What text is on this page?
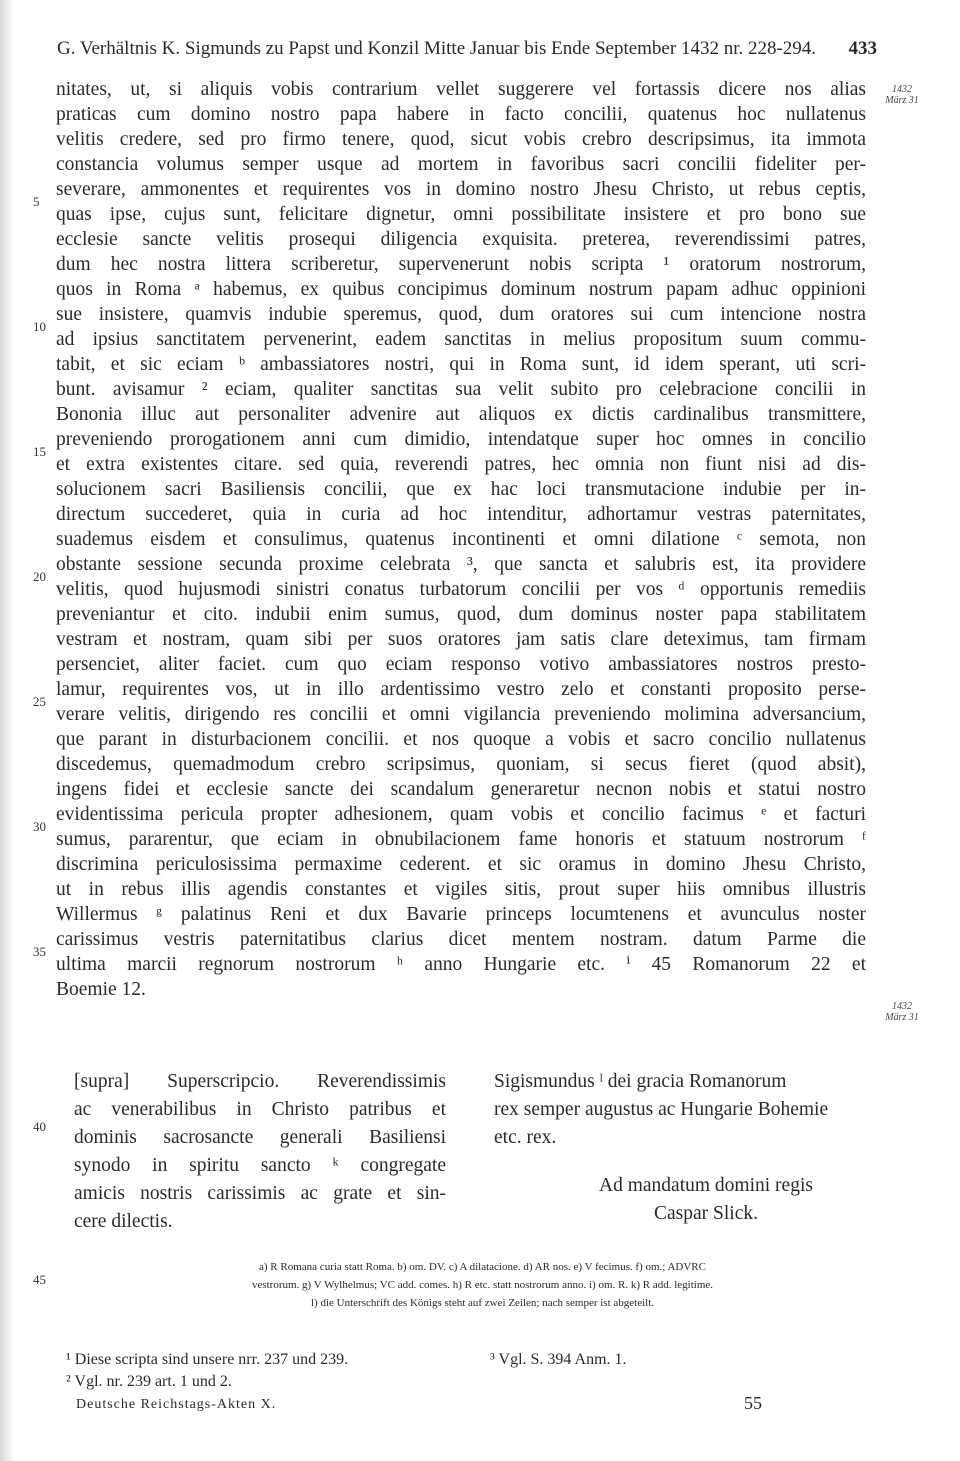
G. Verhältnis K. Sigmunds zu Papst und Konzil Mitte Januar bis Ende September 1432 nr. 228-294. 433
1432
März 31
1432
März 31
5
10
15
20
25
30
35
40
45
nitates, ut, si aliquis vobis contrarium vellet suggerere vel fortassis dicere nos alias
praticas cum domino nostro papa habere in facto concilii, quatenus hoc nullatenus
velitis credere, sed pro firmo tenere, quod, sicut vobis crebro descripsimus, ita immota
constancia volumus semper usque ad mortem in favoribus sacri concilii fideliter per-
severare, ammonentes et requirentes vos in domino nostro Jhesu Christo, ut rebus ceptis,
quas ipse, cujus sunt, felicitare dignetur, omni possibilitate insistere et pro bono sue
ecclesie sancte velitis prosequi diligencia exquisita. preterea, reverendissimi patres,
dum hec nostra littera scriberetur, supervenerunt nobis scripta ¹ oratorum nostrorum,
quos in Roma ᵃ habemus, ex quibus concipimus dominum nostrum papam adhuc oppinioni
sue insistere, quamvis indubie speremus, quod, dum oratores sui cum intencione nostra
ad ipsius sanctitatem pervenerint, eadem sanctitas in melius propositum suum commu-
tabit, et sic eciam ᵇ ambassiatores nostri, qui in Roma sunt, id idem sperant, uti scri-
bunt. avisamur ² eciam, qualiter sanctitas sua velit subito pro celebracione concilii in
Bononia illuc aut personaliter advenire aut aliquos ex dictis cardinalibus transmittere,
preveniendo prorogationem anni cum dimidio, intendatque super hoc omnes in concilio
et extra existentes citare. sed quia, reverendi patres, hec omnia non fiunt nisi ad dis-
solucionem sacri Basiliensis concilii, que ex hac loci transmutacione indubie per in-
directum succederet, quia in curia ad hoc intenditur, adhortamur vestras paternitates,
suademus eisdem et consulimus, quatenus incontinenti et omni dilatione ᶜ semota, non
obstante sessione secunda proxime celebrata ³, que sancta et salubris est, ita providere
velitis, quod hujusmodi sinistri conatus turbatorum concilii per vos ᵈ opportunis remediis
preveniantur et cito. indubii enim sumus, quod, dum dominus noster papa stabilitatem
vestram et nostram, quam sibi per suos oratores jam satis clare deteximus, tam firmam
persenciet, aliter faciet. cum quo eciam responso votivo ambassiatores nostros presto-
lamur, requirentes vos, ut in illo ardentissimo vestro zelo et constanti proposito perse-
verare velitis, dirigendo res concilii et omni vigilancia preveniendo molimina adversancium,
que parant in disturbacionem concilii. et nos quoque a vobis et sacro concilio nullatenus
discedemus, quemadmodum crebro scripsimus, quoniam, si secus fieret (quod absit),
ingens fidei et ecclesie sancte dei scandalum generaretur necnon nobis et statui nostro
evidentissima pericula propter adhesionem, quam vobis et concilio facimus ᵉ et facturi
sumus, pararentur, que eciam in obnubilacionem fame honoris et statuum nostrorum ᶠ
discrimina periculosissima permaxime cederent. et sic oramus in domino Jhesu Christo,
ut in rebus illis agendis constantes et vigiles sitis, prout super hiis omnibus illustris
Willermus ᵍ palatinus Reni et dux Bavarie princeps locumtenens et avunculus noster
carissimus vestris paternitatibus clarius dicet mentem nostram. datum Parme die
ultima marcii regnorum nostrorum ʰ anno Hungarie etc. ⁱ 45 Romanorum 22 et
Boemie 12.
[supra] Superscripcio. Reverendissimis
ac venerabilibus in Christo patribus et
dominis sacrosancte generali Basiliensi
synodo in spiritu sancto ᵏ congregate
amicis nostris carissimis ac grate et sin-
cere dilectis.
Sigismundus ˡ dei gracia Romanorum
rex semper augustus ac Hungarie Bohemie
etc. rex.
Ad mandatum domini regis
Caspar Slick.
a) R Romana curia statt Roma. b) om. DV. c) A dilatacione. d) AR nos. e) V fecimus. f) om.; ADVRC
vestrorum. g) V Wylhelmus; VC add. comes. h) R etc. statt nostrorum anno. i) om. R. k) R add. legitime.
l) die Unterschrift des Königs steht auf zwei Zeilen; nach semper ist abgeteilt.
¹ Diese scripta sind unsere nrr. 237 und 239.
² Vgl. nr. 239 art. 1 und 2.
³ Vgl. S. 394 Anm. 1.
Deutsche Reichstags-Akten X.	55
